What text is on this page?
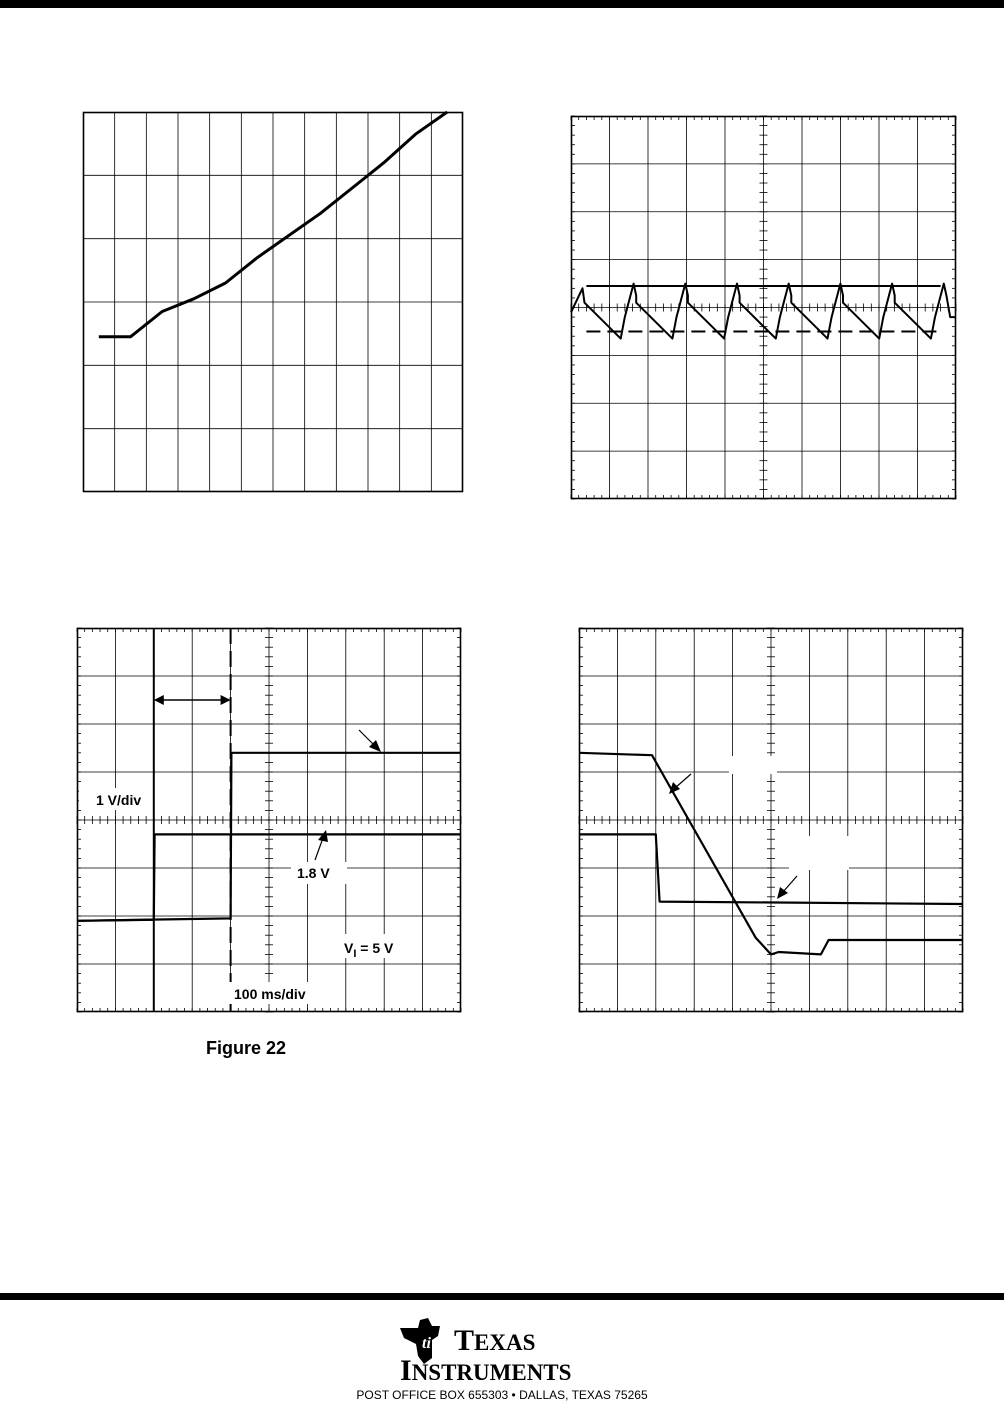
1 V/div
1.8 V
$V_I = 5$ V
100 ms/div
Figure 22
ti TEXAS
INSTRUMENTS
POST OFFICE BOX 655303 • DALLAS, TEXAS 75265
